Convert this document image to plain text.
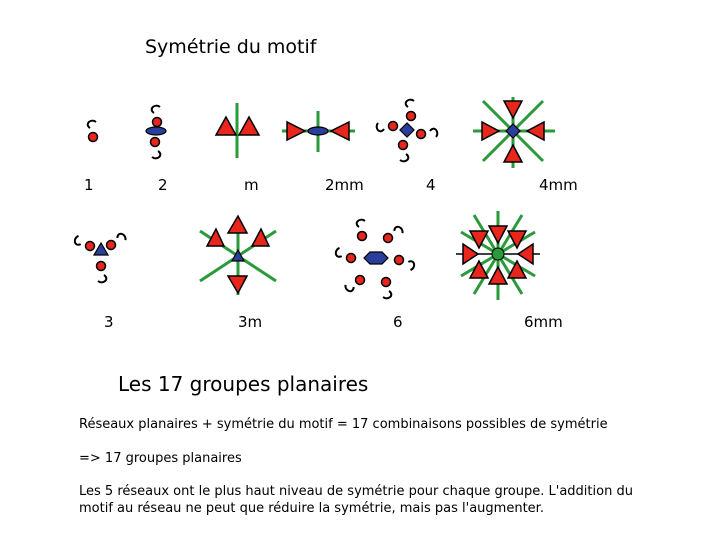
Symétrie du motif
1	2	m	2mm	4	4mm
3	3m	6	6mm
Les 17 groupes planaires
Réseaux planaires + symétrie du motif = 17 combinaisons possibles de symétrie
=> 17 groupes planaires
Les 5 réseaux ont le plus haut niveau de symétrie pour chaque groupe. L'addition du
motif au réseau ne peut que réduire la symétrie, mais pas l'augmenter.
